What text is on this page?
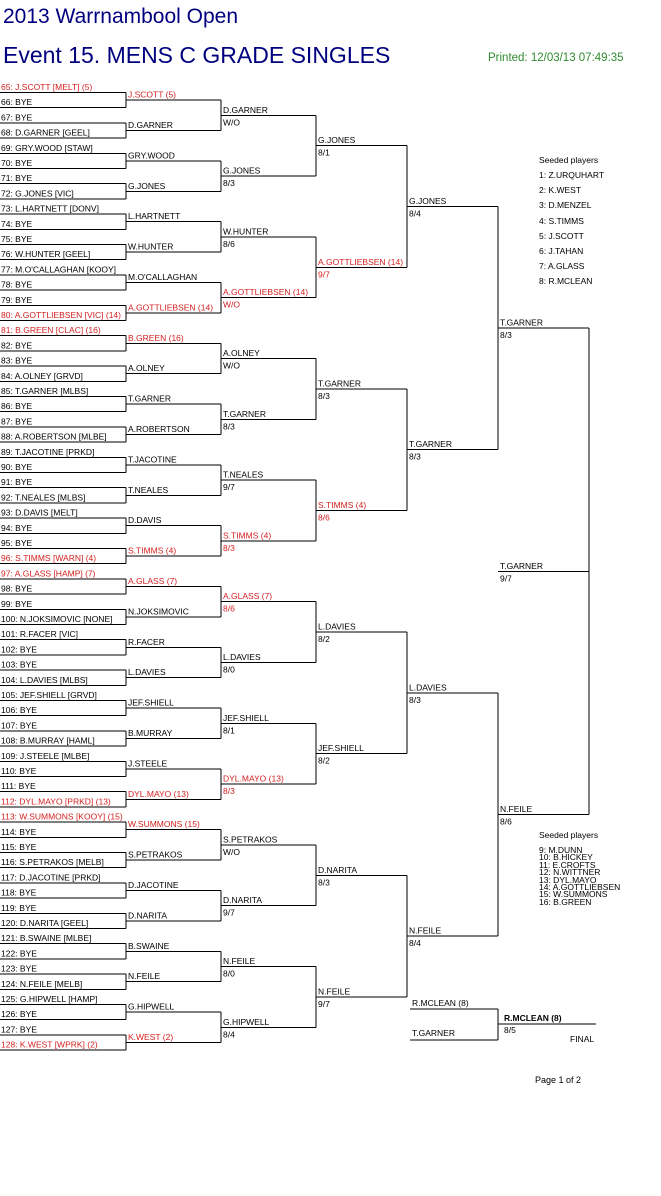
2013 Warrnambool Open
Event 15. MENS C GRADE SINGLES	Printed: 12/03/13 07:49:35
65: J.SCOTT [MELT] (5)
66: BYE
67: BYE
68: D.GARNER [GEEL]
69: GRY.WOOD [STAW]
70: BYE
71: BYE
72: G.JONES [VIC]
73: L.HARTNETT [DONV]
74: BYE
75: BYE
76: W.HUNTER [GEEL]
77: M.O'CALLAGHAN [KOOY]
78: BYE
79: BYE
80: A.GOTTLIEBSEN [VIC] (14)
81: B.GREEN [CLAC] (16)
82: BYE
83: BYE
84: A.OLNEY [GRVD]
85: T.GARNER [MLBS]
86: BYE
87: BYE
88: A.ROBERTSON [MLBE]
89: T.JACOTINE [PRKD]
90: BYE
91: BYE
92: T.NEALES [MLBS]
93: D.DAVIS [MELT]
94: BYE
95: BYE
96: S.TIMMS [WARN] (4)
97: A.GLASS [HAMP] (7)
98: BYE
99: BYE
100: N.JOKSIMOVIC [NONE]
101: R.FACER [VIC]
102: BYE
103: BYE
104: L.DAVIES [MLBS]
105: JEF.SHIELL [GRVD]
106: BYE
107: BYE
108: B.MURRAY [HAML]
109: J.STEELE [MLBE]
110: BYE
111: BYE
112: DYL.MAYO [PRKD] (13)
113: W.SUMMONS [KOOY] (15)
114: BYE
115: BYE
116: S.PETRAKOS [MELB]
117: D.JACOTINE [PRKD]
118: BYE
119: BYE
120: D.NARITA [GEEL]
121: B.SWAINE [MLBE]
122: BYE
123: BYE
124: N.FEILE [MELB]
125: G.HIPWELL [HAMP]
126: BYE
127: BYE
128: K.WEST [WPRK] (2)
J.SCOTT (5)
D.GARNER
GRY.WOOD
G.JONES
L.HARTNETT
W.HUNTER
M.O'CALLAGHAN
A.GOTTLIEBSEN (14)
B.GREEN (16)
A.OLNEY
T.GARNER
A.ROBERTSON
T.JACOTINE
T.NEALES
D.DAVIS
S.TIMMS (4)
A.GLASS (7)
N.JOKSIMOVIC
R.FACER
L.DAVIES
JEF.SHIELL
B.MURRAY
J.STEELE
DYL.MAYO (13)
W.SUMMONS (15)
S.PETRAKOS
D.JACOTINE
D.NARITA
B.SWAINE
N.FEILE
G.HIPWELL
K.WEST (2)
D.GARNER
W/O
G.JONES
8/3
W.HUNTER
8/6
A.GOTTLIEBSEN (14)
W/O
A.OLNEY
W/O
T.GARNER
8/3
T.NEALES
9/7
S.TIMMS (4)
8/3
A.GLASS (7)
8/6
L.DAVIES
8/0
JEF.SHIELL
8/1
DYL.MAYO (13)
8/3
S.PETRAKOS
W/O
D.NARITA
9/7
N.FEILE
8/0
G.HIPWELL
8/4
G.JONES
8/1
A.GOTTLIEBSEN (14)
9/7
T.GARNER
8/3
S.TIMMS (4)
8/6
L.DAVIES
8/2
JEF.SHIELL
8/2
D.NARITA
8/3
N.FEILE
9/7
G.JONES
8/4
T.GARNER
8/3
L.DAVIES
8/3
N.FEILE
8/4
T.GARNER
8/3
N.FEILE
8/6
T.GARNER
9/7
R.MCLEAN (8)
T.GARNER
R.MCLEAN (8)
8/5
FINAL
Seeded players
1: Z.URQUHART
2: K.WEST
3: D.MENZEL
4: S.TIMMS
5: J.SCOTT
6: J.TAHAN
7: A.GLASS
8: R.MCLEAN
Seeded players
9: M.DUNN
10: B.HICKEY
11: E.CROFTS
12: N.WITTNER
13: DYL.MAYO
14: A.GOTTLIEBSEN
15: W.SUMMONS
16: B.GREEN
Page 1 of 2
